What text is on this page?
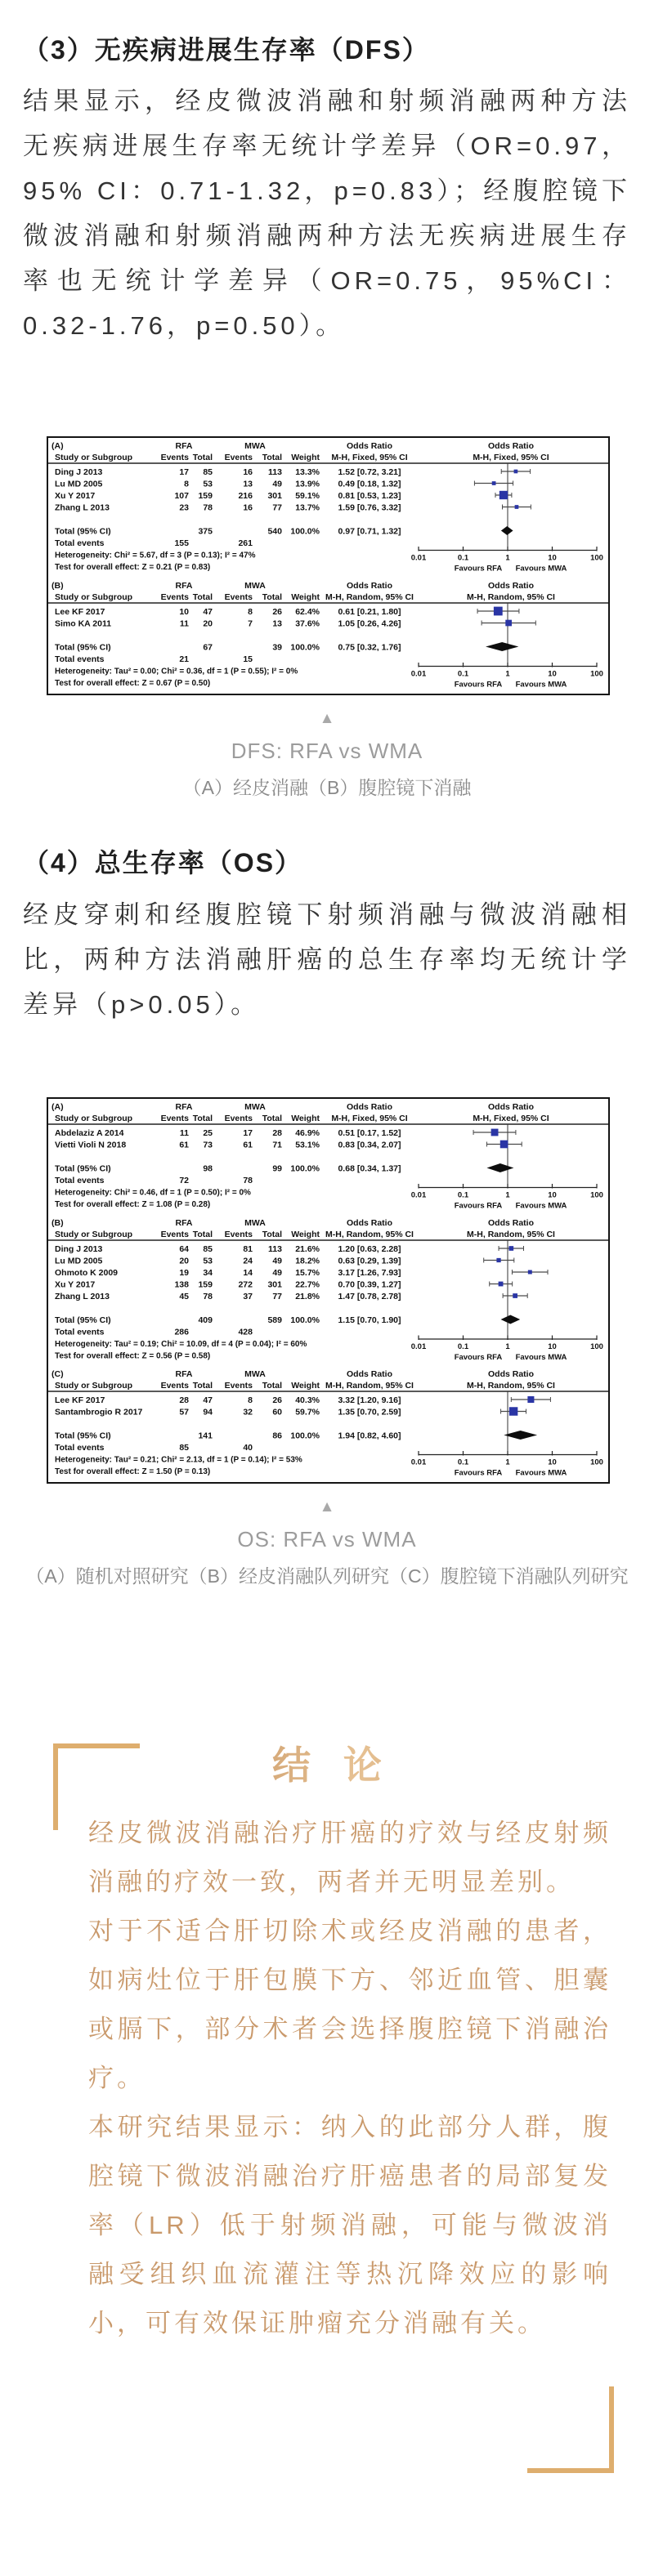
（3）无疾病进展生存率（DFS）

结果显示，经皮微波消融和射频消融两种方法无疾病进展生存率无统计学差异（OR=0.97，95% CI：0.71-1.32，p=0.83）；经腹腔镜下微波消融和射频消融两种方法无疾病进展生存率也无统计学差异（OR=0.75，95%CI：0.32-1.76，p=0.50）。

(A)	RFA	MWA	Odds Ratio	Odds Ratio
Study or Subgroup	Events Total Events Total Weight M-H, Fixed, 95% CI	M-H, Fixed, 95% CI
Ding J 2013	17 85	16 113 13.3% 1.52 [0.72, 3.21]
Lu MD 2005	8 53	13 49 13.9% 0.49 [0.18, 1.32]
Xu Y 2017	107 159	216 301 59.1% 0.81 [0.53, 1.23]
Zhang L 2013	23 78	16 77 13.7% 1.59 [0.76, 3.32]
Total (95% CI)	375	540 100.0% 0.97 [0.71, 1.32]
Total events	155	261
Heterogeneity: Chi² = 5.67, df = 3 (P = 0.13); I² = 47%
Test for overall effect: Z = 0.21 (P = 0.83)
0.01	0.1	1	10	100
Favours RFA Favours MWA
(B)	RFA	MWA	Odds Ratio	Odds Ratio
Study or Subgroup	Events Total Events Total Weight M-H, Random, 95% CI	M-H, Random, 95% CI
Lee KF 2017	10 47	8 26 62.4% 0.61 [0.21, 1.80]
Simo KA 2011	11 20	7 13 37.6% 1.05 [0.26, 4.26]
Total (95% CI)	67	39 100.0% 0.75 [0.32, 1.76]
Total events	21	15
Heterogeneity: Tau² = 0.00; Chi² = 0.36, df = 1 (P = 0.55); I² = 0%
Test for overall effect: Z = 0.67 (P = 0.50)
0.01	0.1	1	10	100
Favours RFA Favours MWA
▲
DFS: RFA vs WMA
（A）经皮消融（B）腹腔镜下消融
（4）总生存率（OS）

经皮穿刺和经腹腔镜下射频消融与微波消融相比，两种方法消融肝癌的总生存率均无统计学差异（p>0.05）。

(A)	RFA	MWA	Odds Ratio	Odds Ratio
Study or Subgroup	Events Total Events Total Weight M-H, Fixed, 95% CI	M-H, Fixed, 95% CI
Abdelaziz A 2014	11 25	17 28 46.9% 0.51 [0.17, 1.52]
Vietti Violi N 2018	61 73	61 71 53.1% 0.83 [0.34, 2.07]
Total (95% CI)	98	99 100.0% 0.68 [0.34, 1.37]
Total events	72	78
Heterogeneity: Chi² = 0.46, df = 1 (P = 0.50); I² = 0%
Test for overall effect: Z = 1.08 (P = 0.28)
0.01	0.1	1	10	100
Favours RFA Favours MWA
(B)	RFA	MWA	Odds Ratio	Odds Ratio
Study or Subgroup	Events Total Events Total Weight M-H, Random, 95% CI	M-H, Random, 95% CI
Ding J 2013	64 85	81 113 21.6% 1.20 [0.63, 2.28]
Lu MD 2005	20 53	24 49 18.2% 0.63 [0.29, 1.39]
Ohmoto K 2009	19 34	14 49 15.7% 3.17 [1.26, 7.93]
Xu Y 2017	138 159	272 301 22.7% 0.70 [0.39, 1.27]
Zhang L 2013	45 78	37 77 21.8% 1.47 [0.78, 2.78]
Total (95% CI)	409	589 100.0% 1.15 [0.70, 1.90]
Total events	286	428
Heterogeneity: Tau² = 0.19; Chi² = 10.09, df = 4 (P = 0.04); I² = 60%
Test for overall effect: Z = 0.56 (P = 0.58)
0.01	0.1	1	10	100
Favours RFA Favours MWA
(C)	RFA	MWA	Odds Ratio	Odds Ratio
Study or Subgroup	Events Total Events Total Weight M-H, Random, 95% CI	M-H, Random, 95% CI
Lee KF 2017	28 47	8 26 40.3% 3.32 [1.20, 9.16]
Santambrogio R 2017	57 94	32 60 59.7% 1.35 [0.70, 2.59]
Total (95% CI)	141	86 100.0% 1.94 [0.82, 4.60]
Total events	85	40
Heterogeneity: Tau² = 0.21; Chi² = 2.13, df = 1 (P = 0.14); I² = 53%
Test for overall effect: Z = 1.50 (P = 0.13)
0.01	0.1	1	10	100
Favours RFA Favours MWA
▲
OS: RFA vs WMA
（A）随机对照研究（B）经皮消融队列研究（C）腹腔镜下消融队列研究
结 论

经皮微波消融治疗肝癌的疗效与经皮射频消融的疗效一致，两者并无明显差别。

对于不适合肝切除术或经皮消融的患者，如病灶位于肝包膜下方、邻近血管、胆囊或膈下，部分术者会选择腹腔镜下消融治疗。

本研究结果显示：纳入的此部分人群，腹腔镜下微波消融治疗肝癌患者的局部复发率（LR）低于射频消融，可能与微波消融受组织血流灌注等热沉降效应的影响小，可有效保证肿瘤充分消融有关。
